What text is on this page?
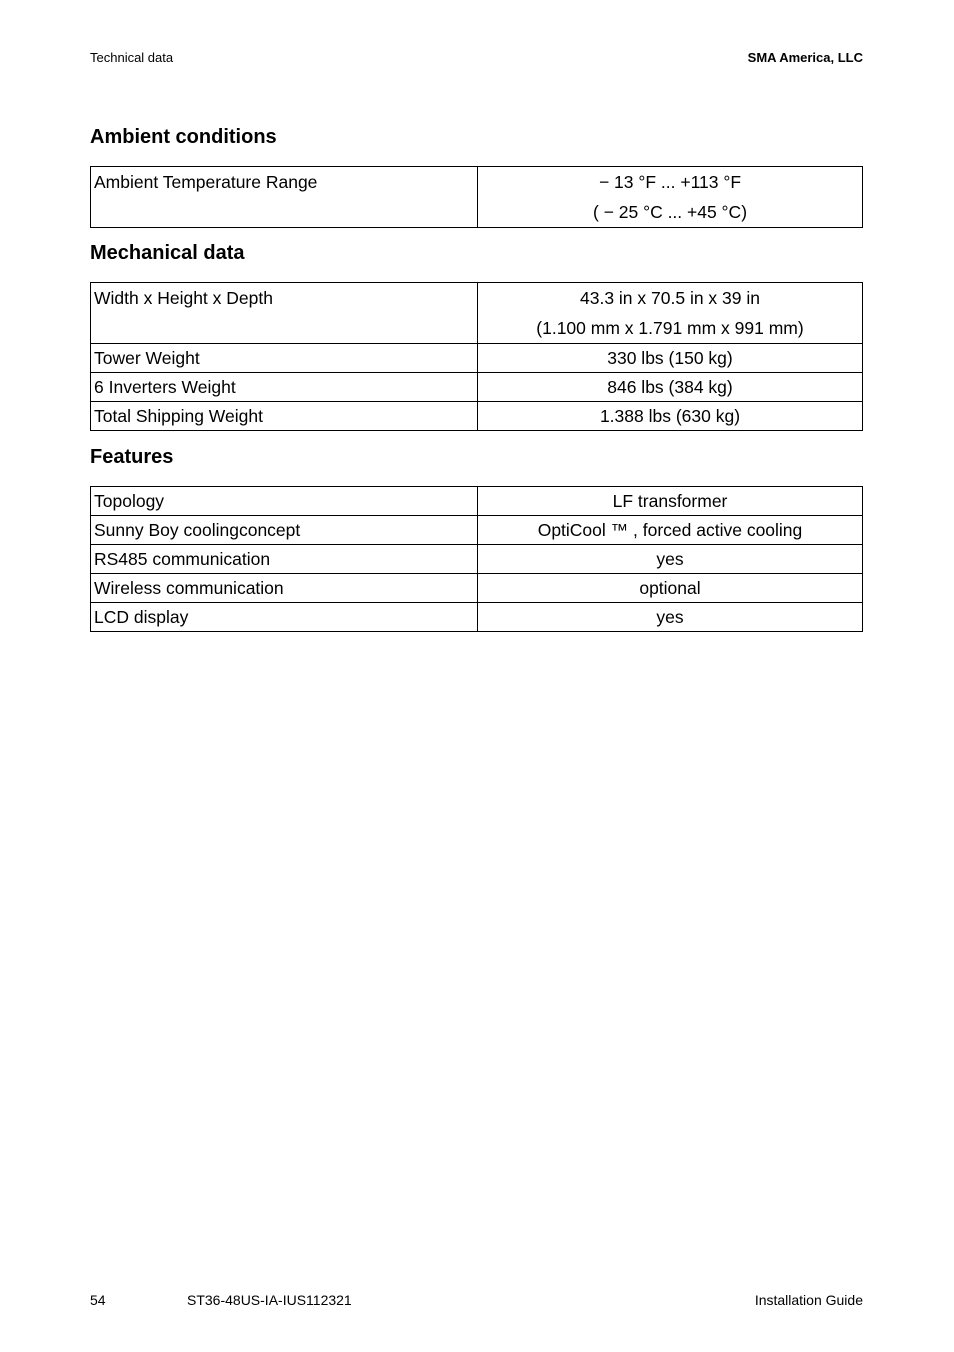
Technical data	SMA America, LLC
Ambient conditions
Ambient Temperature Range	− 13 °F ... +113 °F
( − 25 °C ... +45 °C)
Mechanical data
Width x Height x Depth	43.3 in x 70.5 in x 39 in
(1.100 mm x 1.791 mm x 991 mm)

Tower Weight	330 lbs (150 kg)
6 Inverters Weight	846 lbs (384 kg)
Total Shipping Weight	1.388 lbs (630 kg)
Features
Topology	LF transformer
Sunny Boy coolingconcept	OptiCool ™ , forced active cooling
RS485 communication	yes
Wireless communication	optional
LCD display	yes
54	ST36-48US-IA-IUS112321	Installation Guide
